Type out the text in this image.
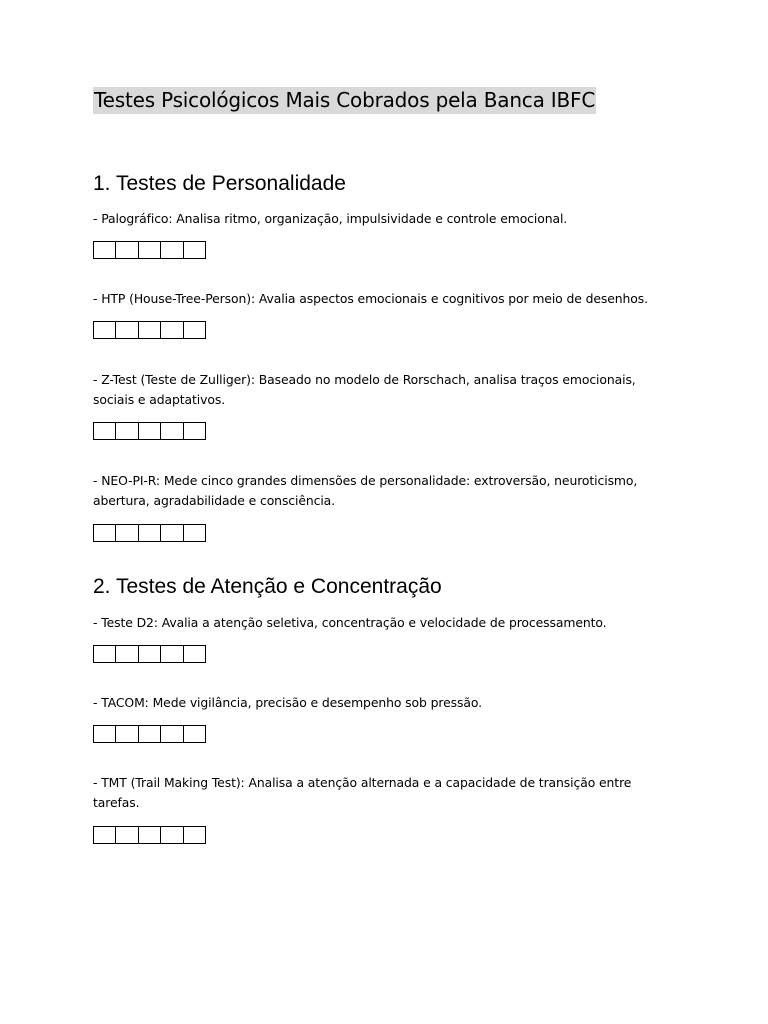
Testes Psicológicos Mais Cobrados pela Banca IBFC
1. Testes de Personalidade
- Palográfico: Analisa ritmo, organização, impulsividade e controle emocional.
- HTP (House-Tree-Person): Avalia aspectos emocionais e cognitivos por meio de desenhos.
- Z-Test (Teste de Zulliger): Baseado no modelo de Rorschach, analisa traços emocionais, sociais e adaptativos.
- NEO-PI-R: Mede cinco grandes dimensões de personalidade: extroversão, neuroticismo, abertura, agradabilidade e consciência.
2. Testes de Atenção e Concentração
- Teste D2: Avalia a atenção seletiva, concentração e velocidade de processamento.
- TACOM: Mede vigilância, precisão e desempenho sob pressão.
- TMT (Trail Making Test): Analisa a atenção alternada e a capacidade de transição entre tarefas.
